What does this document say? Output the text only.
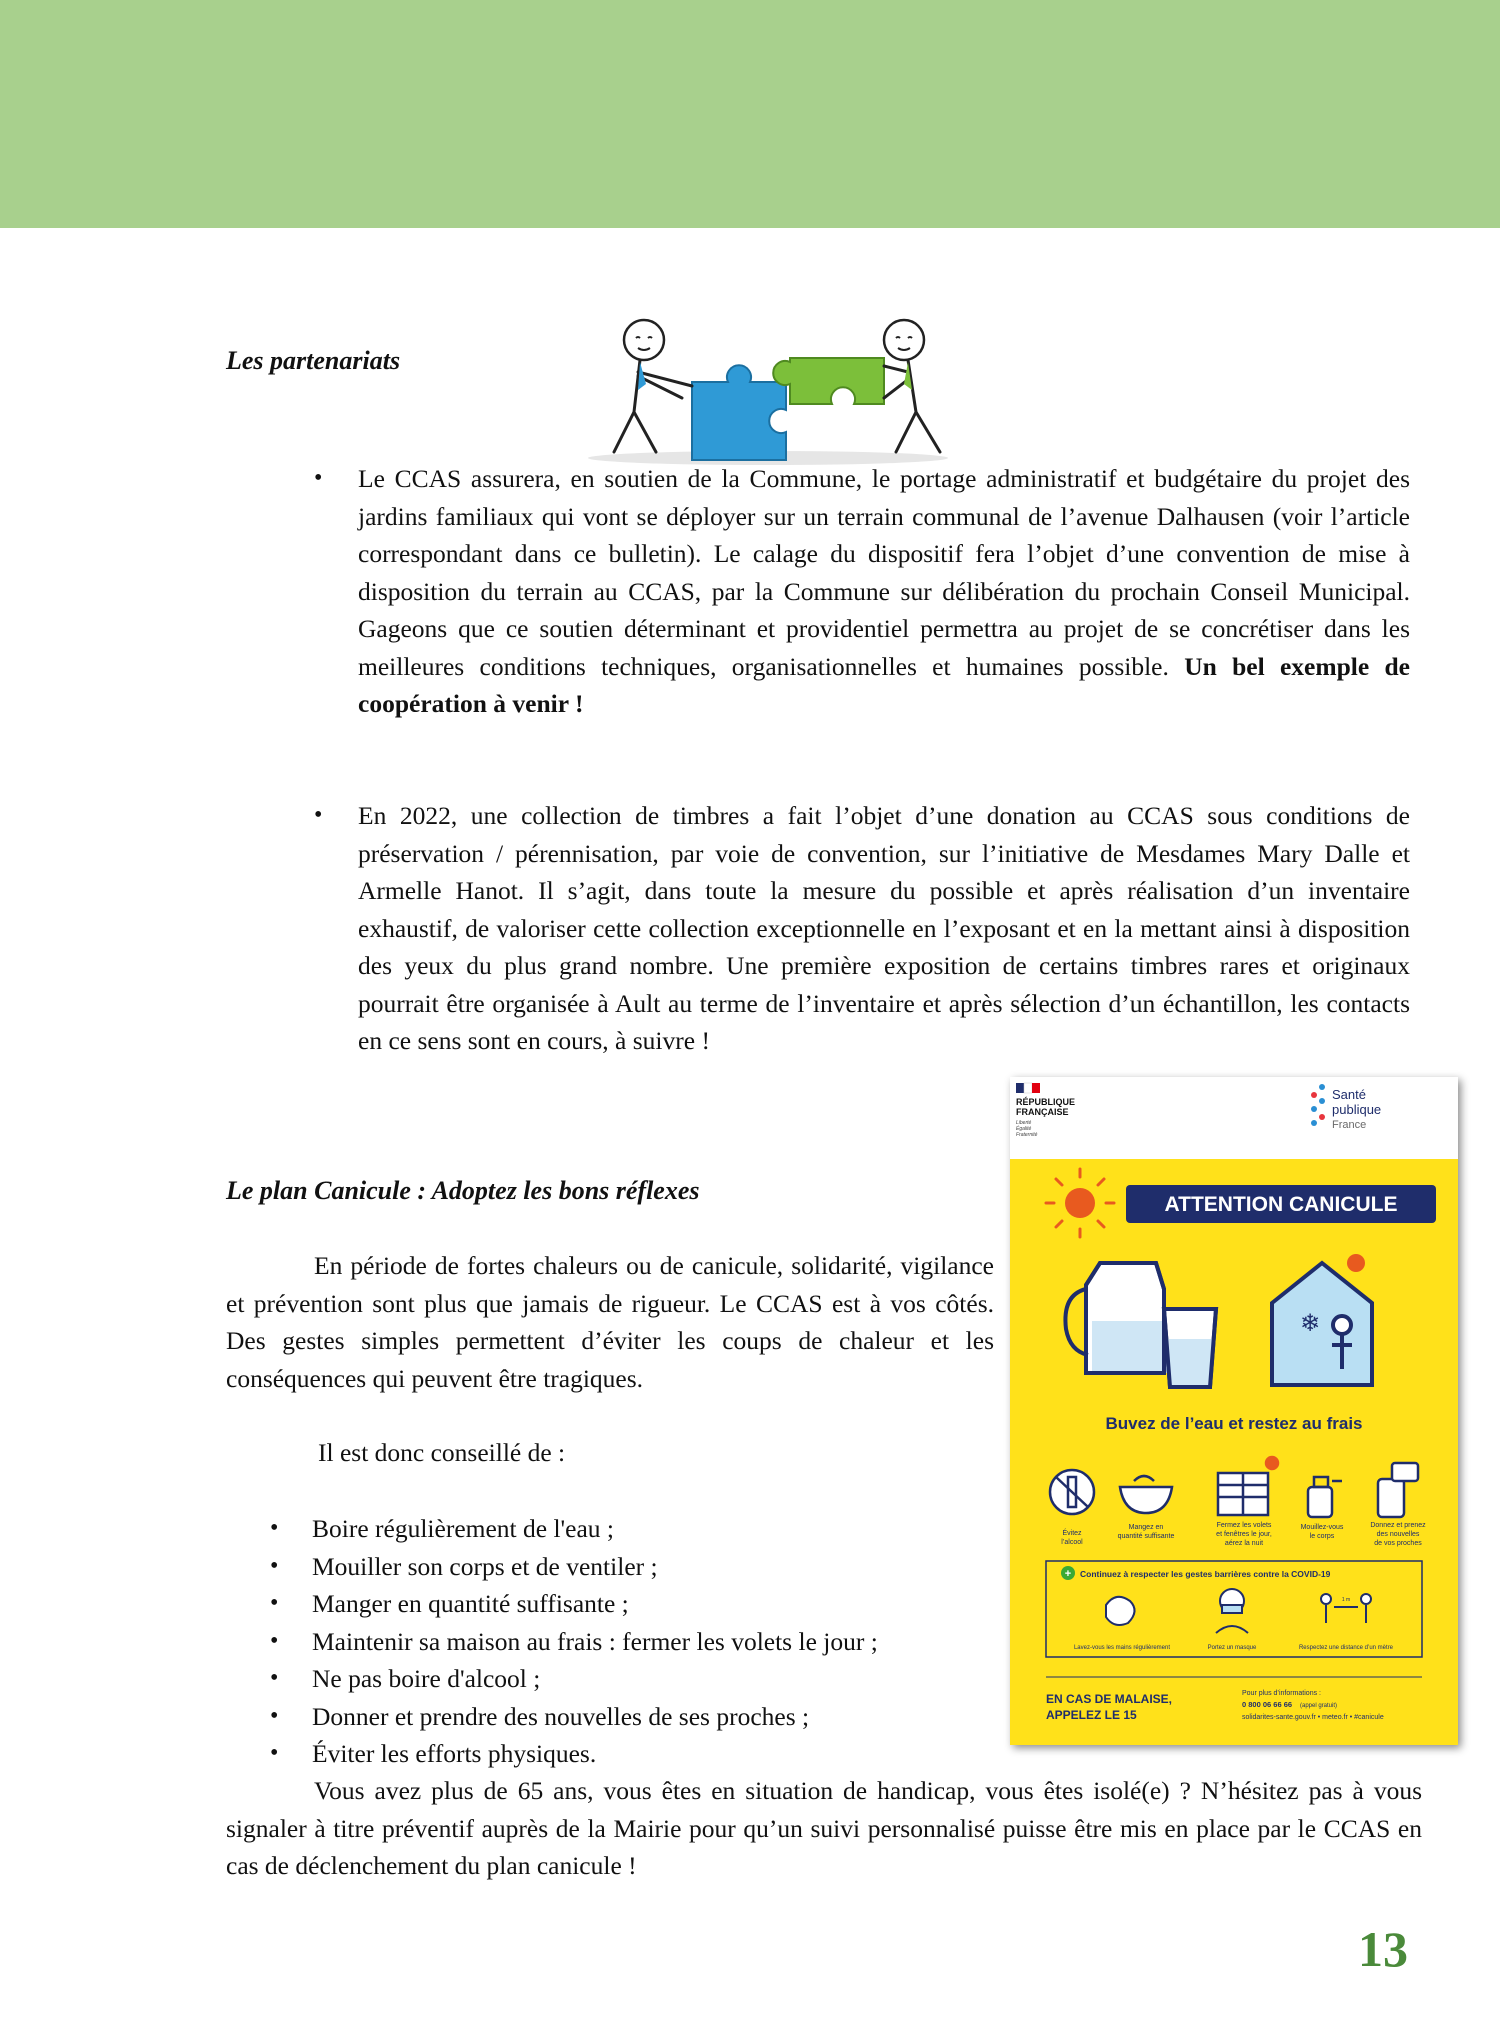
Les partenariats
• Le CCAS assurera, en soutien de la Commune, le portage administratif et budgétaire du projet des jardins familiaux qui vont se déployer sur un terrain communal de l’avenue Dalhausen (voir l’article correspondant dans ce bulletin). Le calage du dispositif fera l’objet d’une convention de mise à disposition du terrain au CCAS, par la Commune sur délibération du prochain Conseil Municipal. Gageons que ce soutien déterminant et providentiel permettra au projet de se concrétiser dans les meilleures conditions techniques, organisationnelles et humaines possible. Un bel exemple de coopération à venir !

• En 2022, une collection de timbres a fait l’objet d’une donation au CCAS sous conditions de préservation / pérennisation, par voie de convention, sur l’initiative de Mesdames Mary Dalle et Armelle Hanot. Il s’agit, dans toute la mesure du possible et après réalisation d’un inventaire exhaustif, de valoriser cette collection exceptionnelle en l’exposant et en la mettant ainsi à disposition des yeux du plus grand nombre. Une première exposition de certains timbres rares et originaux pourrait être organisée à Ault au terme de l’inventaire et après sélection d’un échantillon, les contacts en ce sens sont en cours, à suivre !

Le plan Canicule : Adoptez les bons réflexes

En période de fortes chaleurs ou de canicule, solidarité, vigilance et prévention sont plus que jamais de rigueur. Le CCAS est à vos côtés. Des gestes simples permettent d’éviter les coups de chaleur et les conséquences qui peuvent être tragiques.

Il est donc conseillé de :

• Boire régulièrement de l'eau ;
• Mouiller son corps et de ventiler ;
• Manger en quantité suffisante ;
• Maintenir sa maison au frais : fermer les volets le jour ;
• Ne pas boire d'alcool ;
• Donner et prendre des nouvelles de ses proches ;
• Éviter les efforts physiques.

Vous avez plus de 65 ans, vous êtes en situation de handicap, vous êtes isolé(e) ? N’hésitez pas à vous signaler à titre préventif auprès de la Mairie pour qu’un suivi personnalisé puisse être mis en place par le CCAS en cas de déclenchement du plan canicule !

RÉPUBLIQUE
FRANÇAISE
Liberté
Égalité
Fraternité
Santé
publique
France
ATTENTION CANICULE
❄
Buvez de l’eau et restez au frais
Évitez
l’alcool
Mangez en
quantité suffisante
Fermez les volets
et fenêtres le jour,
aérez la nuit
Mouillez-vous
le corps
Donnez et prenez
des nouvelles
de vos proches
+ Continuez à respecter les gestes barrières contre la COVID-19
1 m
Lavez-vous les mains régulièrement	Portez un masque	Respectez une distance d’un mètre
EN CAS DE MALAISE,
APPELEZ LE 15
Pour plus d’informations :
0 800 06 66 66 (appel gratuit)
solidarites-sante.gouv.fr • meteo.fr • #canicule
13
